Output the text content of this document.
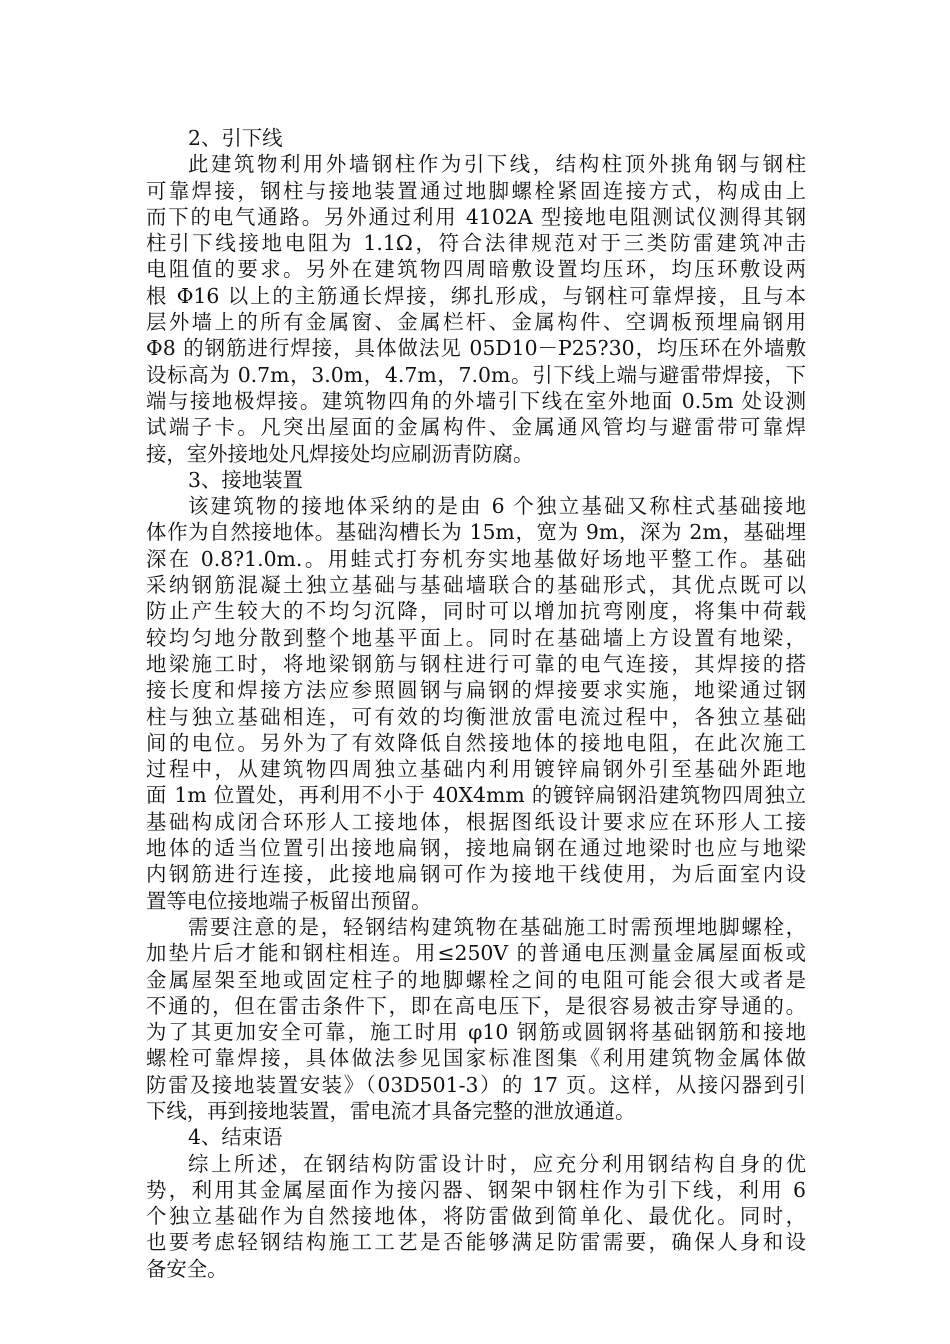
2、引下线
此建筑物利用外墙钢柱作为引下线，结构柱顶外挑角钢与钢柱
可靠焊接，钢柱与接地装置通过地脚螺栓紧固连接方式，构成由上
而下的电气通路。另外通过利用 4102A 型接地电阻测试仪测得其钢
柱引下线接地电阻为 1.1Ω，符合法律规范对于三类防雷建筑冲击
电阻值的要求。另外在建筑物四周暗敷设置均压环，均压环敷设两
根 Φ16 以上的主筋通长焊接，绑扎形成，与钢柱可靠焊接，且与本
层外墙上的所有金属窗、金属栏杆、金属构件、空调板预埋扁钢用
Φ8 的钢筋进行焊接，具体做法见 05D10－P25?30，均压环在外墙敷
设标高为 0.7m，3.0m，4.7m，7.0m。引下线上端与避雷带焊接，下
端与接地极焊接。建筑物四角的外墙引下线在室外地面 0.5m 处设测
试端子卡。凡突出屋面的金属构件、金属通风管均与避雷带可靠焊
接，室外接地处凡焊接处均应刷沥青防腐。
3、接地装置
该建筑物的接地体采纳的是由 6 个独立基础又称柱式基础接地
体作为自然接地体。基础沟槽长为 15m，宽为 9m，深为 2m，基础埋
深在 0.8?1.0m.。用蛙式打夯机夯实地基做好场地平整工作。基础
采纳钢筋混凝土独立基础与基础墙联合的基础形式，其优点既可以
防止产生较大的不均匀沉降，同时可以增加抗弯刚度，将集中荷载
较均匀地分散到整个地基平面上。同时在基础墙上方设置有地梁，
地梁施工时，将地梁钢筋与钢柱进行可靠的电气连接，其焊接的搭
接长度和焊接方法应参照圆钢与扁钢的焊接要求实施，地梁通过钢
柱与独立基础相连，可有效的均衡泄放雷电流过程中，各独立基础
间的电位。另外为了有效降低自然接地体的接地电阻，在此次施工
过程中，从建筑物四周独立基础内利用镀锌扁钢外引至基础外距地
面 1m 位置处，再利用不小于 40X4mm 的镀锌扁钢沿建筑物四周独立
基础构成闭合环形人工接地体，根据图纸设计要求应在环形人工接
地体的适当位置引出接地扁钢，接地扁钢在通过地梁时也应与地梁
内钢筋进行连接，此接地扁钢可作为接地干线使用，为后面室内设
置等电位接地端子板留出预留。
需要注意的是，轻钢结构建筑物在基础施工时需预埋地脚螺栓，
加垫片后才能和钢柱相连。用≤250V 的普通电压测量金属屋面板或
金属屋架至地或固定柱子的地脚螺栓之间的电阻可能会很大或者是
不通的，但在雷击条件下，即在高电压下，是很容易被击穿导通的。
为了其更加安全可靠，施工时用 φ10 钢筋或圆钢将基础钢筋和接地
螺栓可靠焊接，具体做法参见国家标准图集《利用建筑物金属体做
防雷及接地装置安装》（03D501-3）的 17 页。这样，从接闪器到引
下线，再到接地装置，雷电流才具备完整的泄放通道。
4、结束语
综上所述，在钢结构防雷设计时，应充分利用钢结构自身的优
势，利用其金属屋面作为接闪器、钢架中钢柱作为引下线，利用 6
个独立基础作为自然接地体，将防雷做到简单化、最优化。同时，
也要考虑轻钢结构施工工艺是否能够满足防雷需要，确保人身和设
备安全。
